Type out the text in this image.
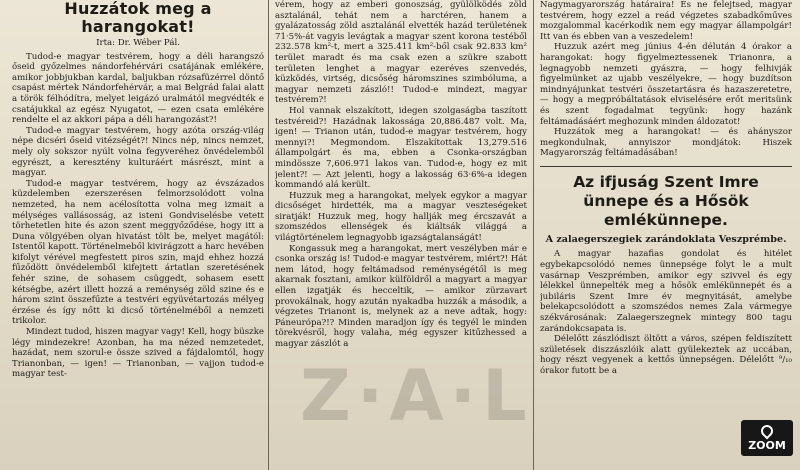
Huzzátok meg a harangokat!
Irta: Dr. Wéber Pál.

Tudod-e magyar testvérem, hogy a déli harangszó őseid győzelmes nándorfehérvári csatájának emlékére, amikor jobbjukban kardal, baljukban rózsafüzérrel döntő csapást mértek Nándorfehérvár, a mai Belgrád falai alatt a török félhódítra, melyet leigázó uralmától megvédték e csatájukkal az egész Nyugatot, — ezen csata emlékére rendelte el az akkori pápa a déli harangozást?!

Tudod-e magyar testvérem, hogy azóta ország-világ népe dicséri őseid vitézségét?! Nincs nép, nincs nemzet, mely oly sokszor nyúlt volna fegyveréhez önvédelemből egyrészt, a keresztény kulturáért másrészt, mint a magyar.

Tudod-e magyar testvérem, hogy az évszázados küzdelemben ezerszerésen felmorzsolódott volna nemzeted, ha nem acélosította volna meg izmait a mélységes vallásosság, az isteni Gondviselésbe vetett törhetetlen hite és azon szent meggyőződése, hogy itt a Duna völgyében olyan hivatást tölt be, melyet magától: Istentől kapott. Történelmeből kivirágzott a harc hevében kifolyt vérével megfestett piros szin, majd ehhez hozzá fűződött önvédelemből kifejtett ártatlan szeretésének fehér szine, de sohasem csüggedt, sohasem esett kétségbe, azért illett hozzá a reménység zöld szine és e három szint összefűzte a testvéri együvétartozás mélyeg érzése és így nőtt ki dicső történelméből a nemzeti trikolor.

Mindezt tudod, hiszen magyar vagy! Kell, hogy büszke légy mindezekre! Azonban, ha ma nézed nemzetedet, hazádat, nem szorul-e össze szived a fájdalomtól, hogy Trianonban, — igen! — Trianonban, — vajjon tudod-e magyar test-

vérem, hogy az emberi gonoszság, gyülölködés zöld asztalánál, tehát nem a harctéren, hanem a gyalázatosság zöld asztalánál elvették hazád területének 71·5%-át vagyis levágtak a magyar szent korona testéből 232.578 km²-t, mert a 325.411 km²-ből csak 92.833 km² terület maradt és ma csak ezen a szükre szabott területen lenghet a magyar ezeréves szenvedés, küzködés, virtség, dicsőség háromszines szimbóluma, a magyar nemzeti zászló!! Tudod-e mindezt, magyar testvérem?!

Hol vannak elszakított, idegen szolgaságba taszított testvéreid?! Hazádnak lakossága 20,886.487 volt. Ma, igen! — Trianon után, tudod-e magyar testvérem, hogy mennyi?! Megmondom. Elszakítottak 13,279.516 állampolgárt és ma, ebben a Csonka-országban mindössze 7,606.971 lakos van. Tudod-e, hogy ez mit jelent?! — Azt jelenti, hogy a lakosság 63·6%-a idegen kommandó alá került.

Huzzuk meg a harangokat, melyek egykor a magyar dicsőséget hirdették, ma a magyar veszteségeket siratják! Huzzuk meg, hogy hallják meg ércszavát a szomszédos ellenségek és kiáltsák világgá a világtörténelem legnagyobb igazságtalanságát!

Kongassuk meg a harangokat, mert veszélyben már e csonka ország is! Tudod-e magyar testvérem, miért?! Hát nem látod, hogy feltámadsod reménységétől is meg akarnak fosztani, amikor külföldről a magyart a magyar ellen izgatják és hecceltik, — amikor zürzavart provokálnak, hogy azután nyakadba huzzák a második, a végzetes Trianont is, melynek az a neve adtak, hogy: Páneurópa?!? Minden maradjon így és tegyél le minden törekvésről, hogy valaha, még egyszer kitűzhessed a magyar zászlót a

Nagymagyarország határaira! És ne felejtsed, magyar testvérem, hogy ezzel a reád végzetes szabadkőműves mozgalommal kacérkodik nem egy magyar állampolgár! Itt van és ebben van a veszedelem!

Huzzuk azért meg június 4-én délután 4 órakor a harangokat: hogy figyelmeztessenek Trianonra, a legnagyobb nemzeti gyászra, — hogy felhivják figyelmünket az ujabb veszélyekre, — hogy buzdítson mindnyájunkat testvéri összetartásra és hazaszeretetre, — hogy a megpróbáltatások elviselésére erőt meritsünk és szent fogadalmat tegyünk: hogy hazánk feltámadásáért meghozunk minden áldozatot!

Huzzátok meg a harangokat! — és ahányszor megkondulnak, annyiszor mondjátok: Hiszek Magyarország feltámadásában!

Az ifjuság Szent Imre ünnepe és a Hősök emlékünnepe.
A zalaegerszegiek zarándoklata Veszprémbe.

A magyar hazafias gondolat és hitélet egybekapcsolódó nemes ünnepsége folyt le a mult vasárnap Veszprémben, amikor egy szivvel és egy lélekkel ünnepelték meg a hősök emlékünnepét és a jubiláris Szent Imre év megnyitását, amelybe belekapcsolódott a szomszédos nemes Zala vármegye székvárosának: Zalaegerszegnek mintegy 800 tagu zarándokcsapata is.

Délelőtt zászlódiszt öltött a város, szépen feldiszített születések diszzászlóik alatt gyülekeztek az uccában, hogy részt vegyenek a kettős ünnepségen. Délelőtt ⁹/₁₀ órakor futott be a

Z·A·L
ZOOM
